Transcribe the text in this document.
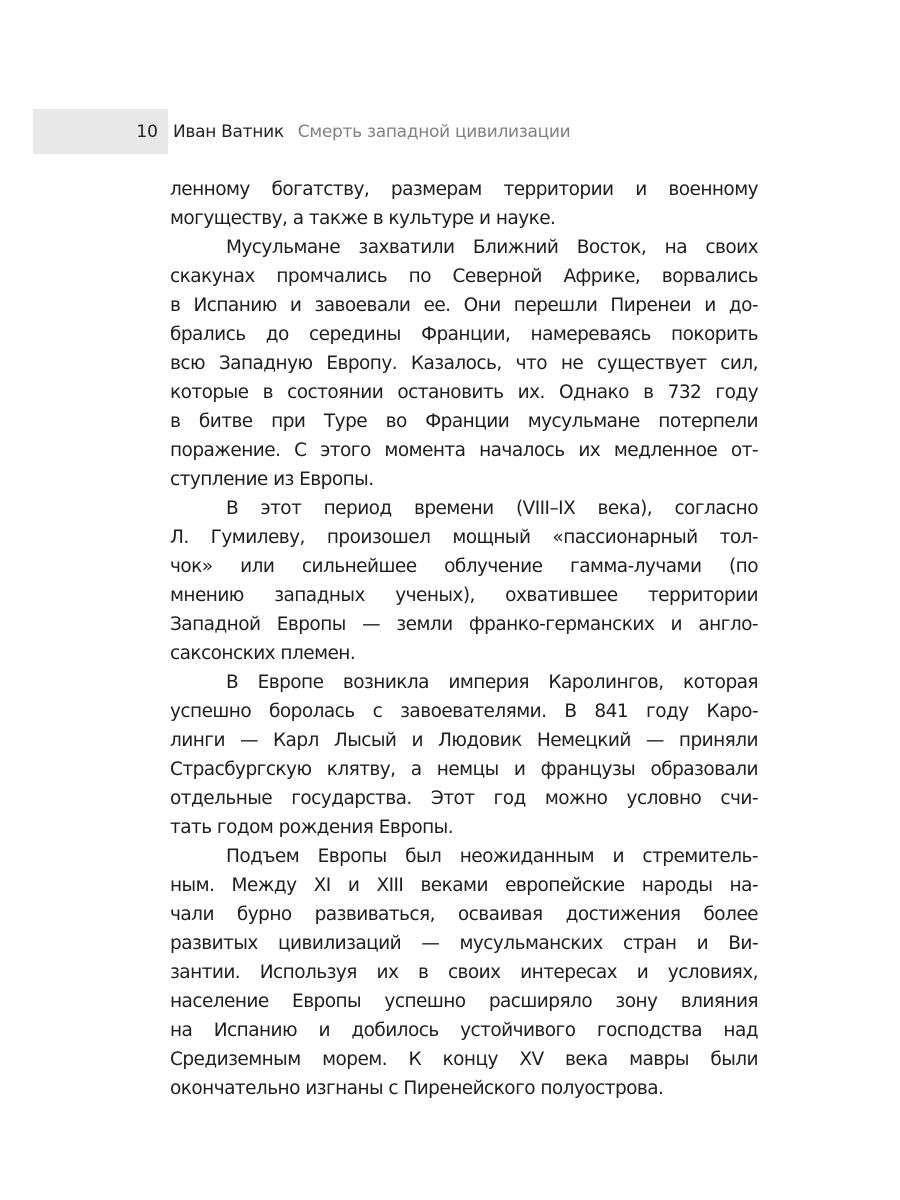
10 Иван Ватник Смерть западной цивилизации
ленному богатству, размерам территории и военному
могуществу, а также в культуре и науке.
Мусульмане захватили Ближний Восток, на своих
скакунах промчались по Северной Африке, ворвались
в Испанию и завоевали ее. Они перешли Пиренеи и до-
брались до середины Франции, намереваясь покорить
всю Западную Европу. Казалось, что не существует сил,
которые в состоянии остановить их. Однако в 732 году
в битве при Туре во Франции мусульмане потерпели
поражение. С этого момента началось их медленное от-
ступление из Европы.
В этот период времени (VIII–IX века), согласно
Л. Гумилеву, произошел мощный «пассионарный тол-
чок» или сильнейшее облучение гамма-лучами (по
мнению западных ученых), охватившее территории
Западной Европы — земли франко-германских и англо-
саксонских племен.
В Европе возникла империя Каролингов, которая
успешно боролась с завоевателями. В 841 году Каро-
линги — Карл Лысый и Людовик Немецкий — приняли
Страсбургскую клятву, а немцы и французы образовали
отдельные государства. Этот год можно условно счи-
тать годом рождения Европы.
Подъем Европы был неожиданным и стремитель-
ным. Между XI и XIII веками европейские народы на-
чали бурно развиваться, осваивая достижения более
развитых цивилизаций — мусульманских стран и Ви-
зантии. Используя их в своих интересах и условиях,
население Европы успешно расширяло зону влияния
на Испанию и добилось устойчивого господства над
Средиземным морем. К концу XV века мавры были
окончательно изгнаны с Пиренейского полуострова.
